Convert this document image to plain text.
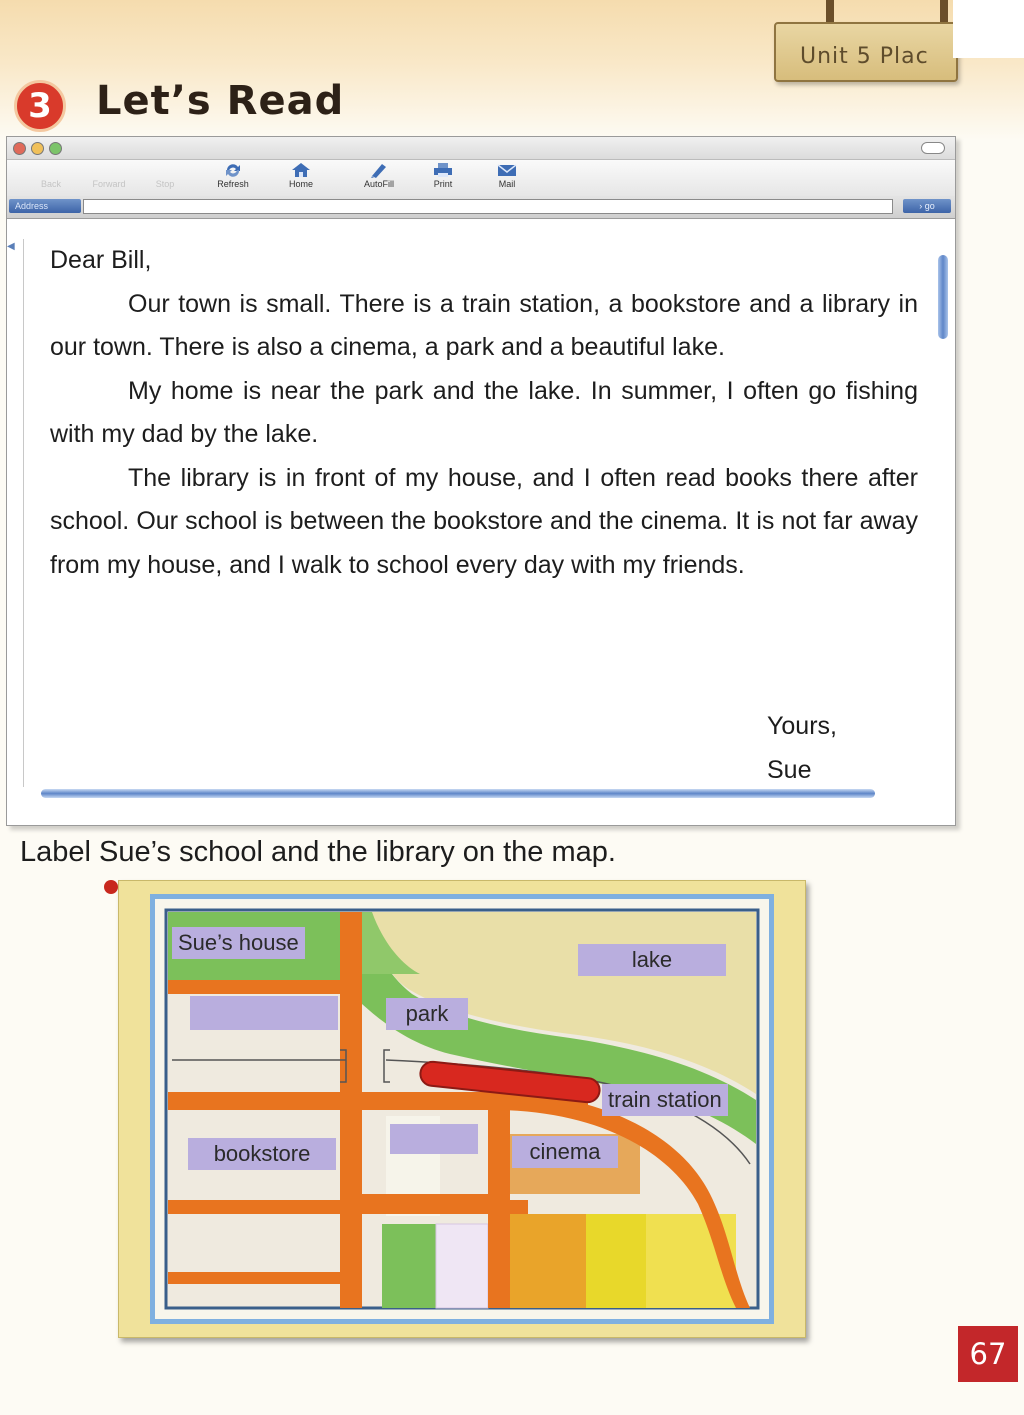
Unit 5 Plac
3	Let’s Read
Back	Forward	Stop	Refresh	Home	AutoFill	Print	Mail
Address	› go
◀ Dear Bill,

Our town is small. There is a train station, a bookstore and a library in our town. There is also a cinema, a park and a beautiful lake.

My home is near the park and the lake. In summer, I often go fishing with my dad by the lake.

The library is in front of my house, and I often read books there after school. Our school is between the bookstore and the cinema. It is not far away from my house, and I walk to school every day with my friends.

Yours,
Sue
Label Sue’s school and the library on the map.
Sue’s house
lake
park
train station
bookstore	cinema
67
